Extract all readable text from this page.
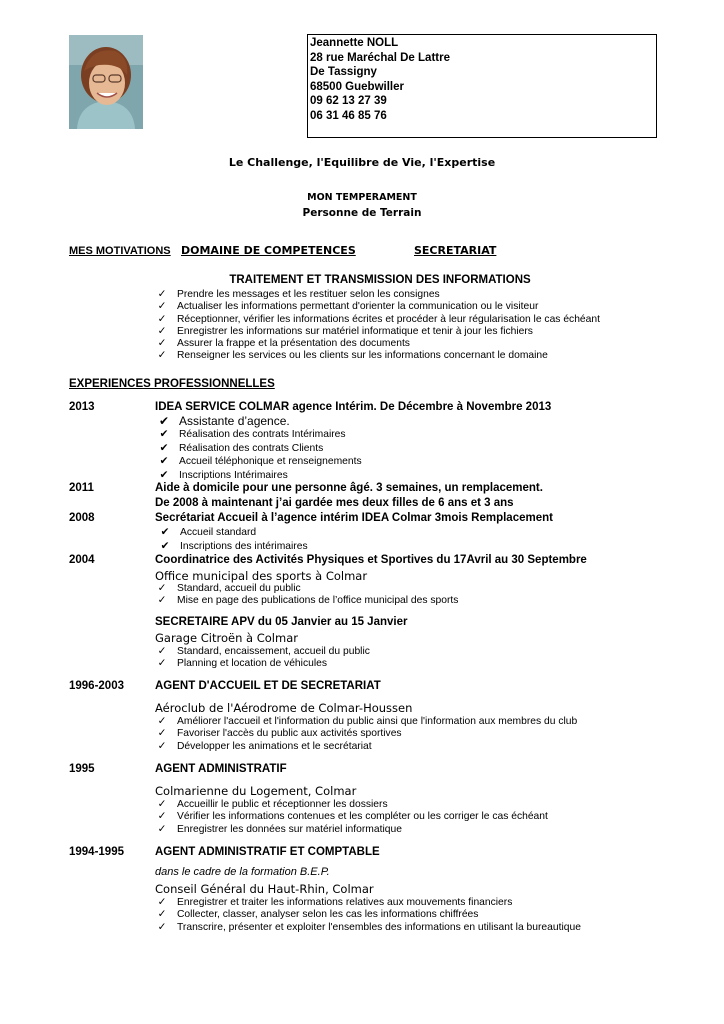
Jeannette NOLL
28 rue Maréchal De Lattre
De Tassigny
68500 Guebwiller
09 62 13 27 39
06 31 46 85 76
Le Challenge, l'Equilibre de Vie, l'Expertise
MON TEMPERAMENT
Personne de Terrain
MES MOTIVATIONS DOMAINE DE COMPETENCES	SECRETARIAT
TRAITEMENT ET TRANSMISSION DES INFORMATIONS
✓ Prendre les messages et les restituer selon les consignes
✓ Actualiser les informations permettant d'orienter la communication ou le visiteur
✓ Réceptionner, vérifier les informations écrites et procéder à leur régularisation le cas échéant
✓ Enregistrer les informations sur matériel informatique et tenir à jour les fichiers
✓ Assurer la frappe et la présentation des documents
✓ Renseigner les services ou les clients sur les informations concernant le domaine
EXPERIENCES PROFESSIONNELLES
2013	IDEA SERVICE COLMAR agence Intérim. De Décembre à Novembre 2013
✔ Assistante d’agence.
✔ Réalisation des contrats Intérimaires
✔ Réalisation des contrats Clients
✔ Accueil téléphonique et renseignements
✔ Inscriptions Intérimaires
2011	Aide à domicile pour une personne âgé. 3 semaines, un remplacement.
De 2008 à maintenant j’ai gardée mes deux filles de 6 ans et 3 ans
2008	Secrétariat Accueil à l’agence intérim IDEA Colmar 3mois Remplacement
✔ Accueil standard
✔ Inscriptions des intérimaires
2004	Coordinatrice des Activités Physiques et Sportives du 17Avril au 30 Septembre
Office municipal des sports à Colmar
✓ Standard, accueil du public
✓ Mise en page des publications de l’office municipal des sports
SECRETAIRE APV du 05 Janvier au 15 Janvier
Garage Citroën à Colmar
✓ Standard, encaissement, accueil du public
✓ Planning et location de véhicules
1996-2003	AGENT D'ACCUEIL ET DE SECRETARIAT
Aéroclub de l'Aérodrome de Colmar-Houssen
✓ Améliorer l'accueil et l'information du public ainsi que l'information aux membres du club
✓ Favoriser l'accès du public aux activités sportives
✓ Développer les animations et le secrétariat
1995	AGENT ADMINISTRATIF
Colmarienne du Logement, Colmar
✓ Accueillir le public et réceptionner les dossiers
✓ Vérifier les informations contenues et les compléter ou les corriger le cas échéant
✓ Enregistrer les données sur matériel informatique
1994-1995	AGENT ADMINISTRATIF ET COMPTABLE
dans le cadre de la formation B.E.P.
Conseil Général du Haut-Rhin, Colmar
✓ Enregistrer et traiter les informations relatives aux mouvements financiers
✓ Collecter, classer, analyser selon les cas les informations chiffrées
✓ Transcrire, présenter et exploiter l'ensembles des informations en utilisant la bureautique
